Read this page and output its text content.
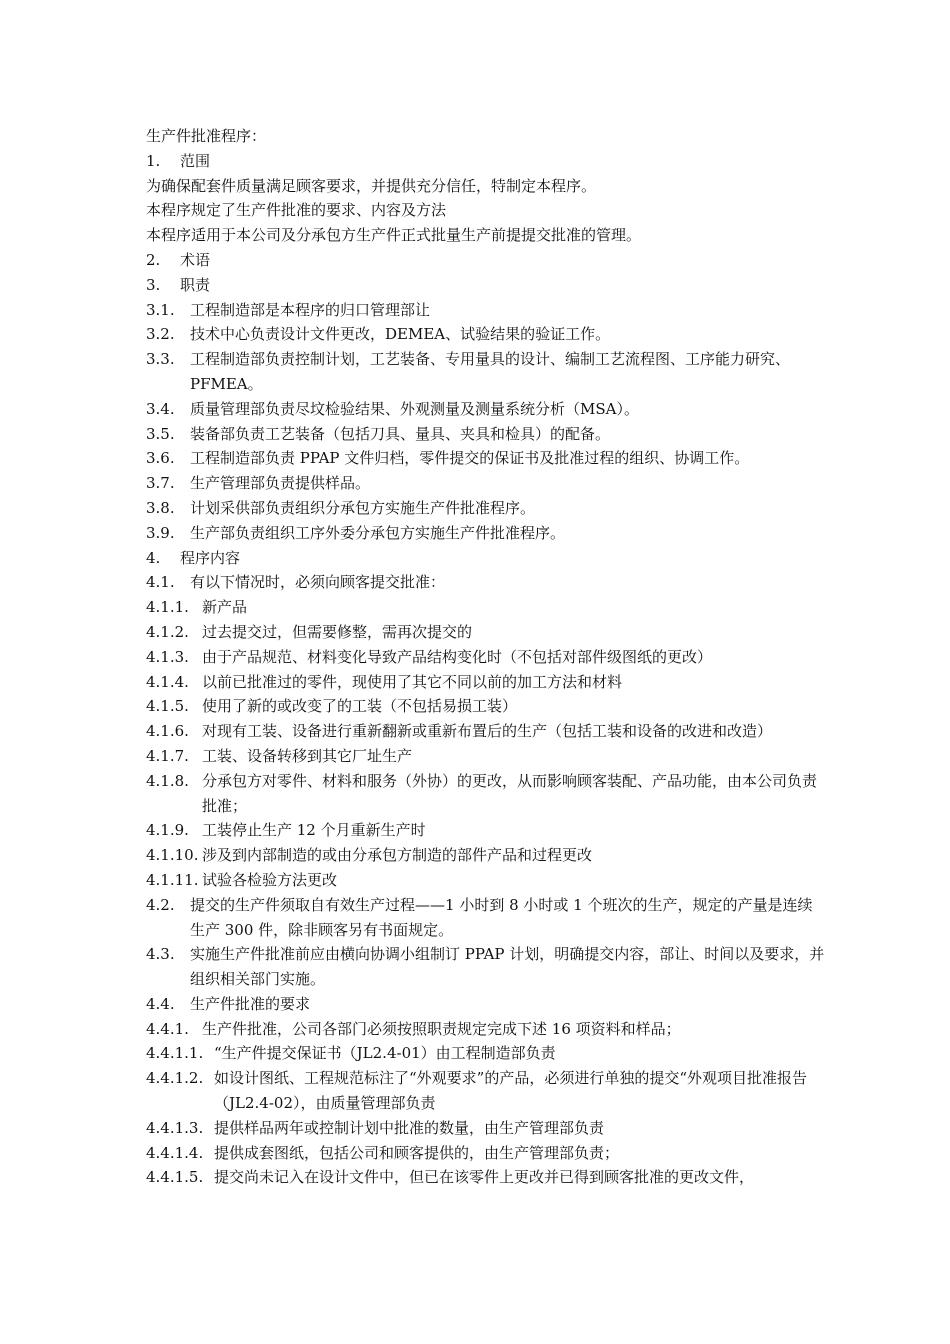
生产件批准程序：
1.	范围
为确保配套件质量满足顾客要求，并提供充分信任，特制定本程序。
本程序规定了生产件批准的要求、内容及方法
本程序适用于本公司及分承包方生产件正式批量生产前提提交批准的管理。
2.	术语
3.	职责
3.1.	工程制造部是本程序的归口管理部让
3.2.	技术中心负责设计文件更改，DEMEA、试验结果的验证工作。
3.3.	工程制造部负责控制计划，工艺装备、专用量具的设计、编制工艺流程图、工序能力研究、PFMEA。
3.4.	质量管理部负责尽坟检验结果、外观测量及测量系统分析（MSA）。
3.5.	装备部负责工艺装备（包括刀具、量具、夹具和检具）的配备。
3.6.	工程制造部负责 PPAP 文件归档，零件提交的保证书及批准过程的组织、协调工作。
3.7.	生产管理部负责提供样品。
3.8.	计划采供部负责组织分承包方实施生产件批准程序。
3.9.	生产部负责组织工序外委分承包方实施生产件批准程序。
4.	程序内容
4.1.	有以下情况时，必须向顾客提交批准：
4.1.1. 新产品
4.1.2. 过去提交过，但需要修整，需再次提交的
4.1.3. 由于产品规范、材料变化导致产品结构变化时（不包括对部件级图纸的更改）
4.1.4. 以前已批准过的零件，现使用了其它不同以前的加工方法和材料
4.1.5. 使用了新的或改变了的工装（不包括易损工装）
4.1.6. 对现有工装、设备进行重新翻新或重新布置后的生产（包括工装和设备的改进和改造）
4.1.7. 工装、设备转移到其它厂址生产
4.1.8. 分承包方对零件、材料和服务（外协）的更改，从而影响顾客装配、产品功能，由本公司负责批准；
4.1.9. 工装停止生产 12 个月重新生产时
4.1.10. 涉及到内部制造的或由分承包方制造的部件产品和过程更改
4.1.11. 试验各检验方法更改
4.2.	提交的生产件须取自有效生产过程——1 小时到 8 小时或 1 个班次的生产，规定的产量是连续生产 300 件，除非顾客另有书面规定。
4.3.	实施生产件批准前应由横向协调小组制订 PPAP 计划，明确提交内容，部让、时间以及要求，并组织相关部门实施。
4.4.	生产件批准的要求
4.4.1. 生产件批准，公司各部门必须按照职责规定完成下述 16 项资料和样品；
4.4.1.1. “生产件提交保证书（JL2.4-01）由工程制造部负责
4.4.1.2. 如设计图纸、工程规范标注了“外观要求”的产品，必须进行单独的提交“外观项目批准报告（JL2.4-02），由质量管理部负责
4.4.1.3. 提供样品两年或控制计划中批准的数量，由生产管理部负责
4.4.1.4. 提供成套图纸，包括公司和顾客提供的，由生产管理部负责；
4.4.1.5. 提交尚未记入在设计文件中，但已在该零件上更改并已得到顾客批准的更改文件，
